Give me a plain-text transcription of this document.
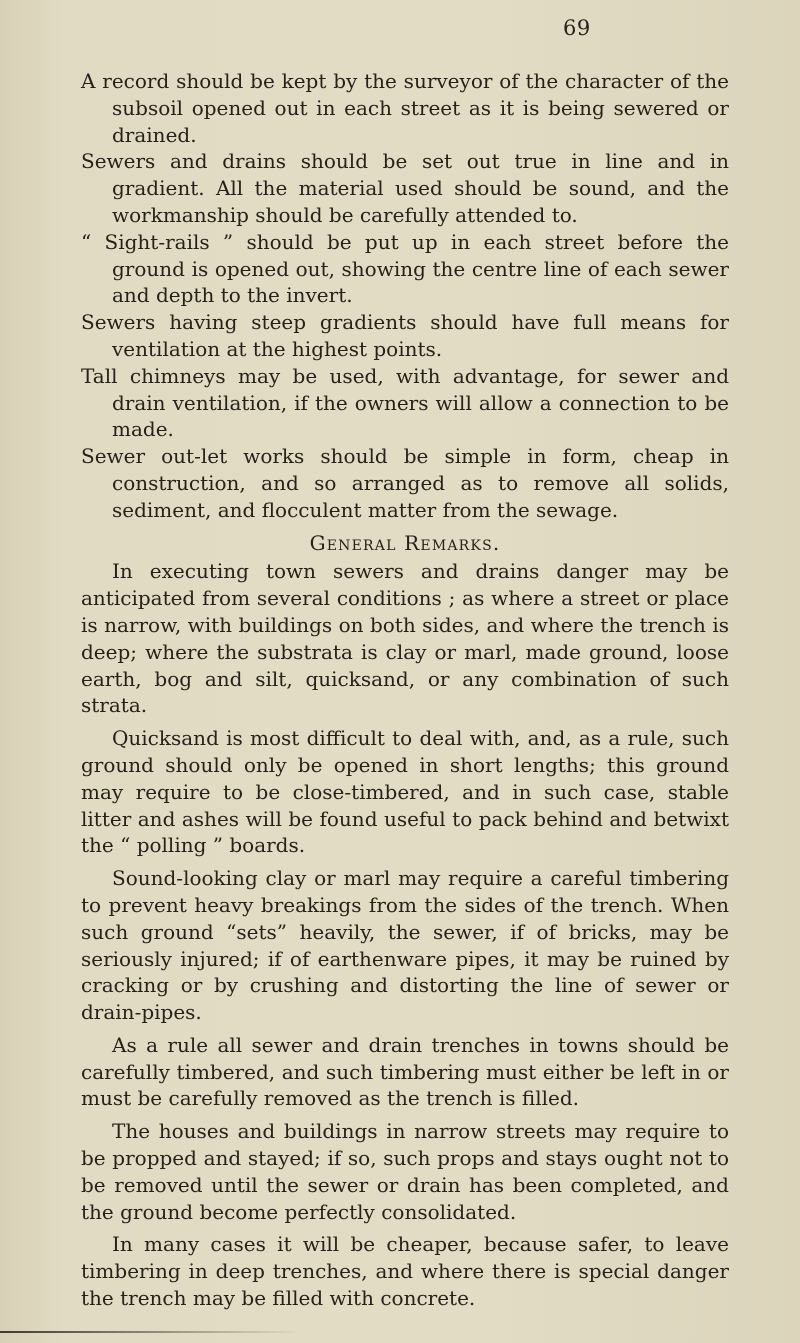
69

A record should be kept by the surveyor of the character of the subsoil opened out in each street as it is being sewered or drained.

Sewers and drains should be set out true in line and in gradient. All the material used should be sound, and the workmanship should be carefully attended to.

“ Sight-rails ” should be put up in each street before the ground is opened out, showing the centre line of each sewer and depth to the invert.

Sewers having steep gradients should have full means for ventilation at the highest points.

Tall chimneys may be used, with advantage, for sewer and drain ventilation, if the owners will allow a connection to be made.

Sewer out-let works should be simple in form, cheap in construction, and so arranged as to remove all solids, sediment, and flocculent matter from the sewage.

General Remarks.

In executing town sewers and drains danger may be anticipated from several conditions ; as where a street or place is narrow, with buildings on both sides, and where the trench is deep; where the substrata is clay or marl, made ground, loose earth, bog and silt, quicksand, or any combination of such strata.

Quicksand is most difficult to deal with, and, as a rule, such ground should only be opened in short lengths; this ground may require to be close-timbered, and in such case, stable litter and ashes will be found useful to pack behind and betwixt the “ polling ” boards.

Sound-looking clay or marl may require a careful timbering to prevent heavy breakings from the sides of the trench. When such ground “sets” heavily, the sewer, if of bricks, may be seriously injured; if of earthenware pipes, it may be ruined by cracking or by crushing and distorting the line of sewer or drain-pipes.

As a rule all sewer and drain trenches in towns should be carefully timbered, and such timbering must either be left in or must be carefully removed as the trench is filled.

The houses and buildings in narrow streets may require to be propped and stayed; if so, such props and stays ought not to be removed until the sewer or drain has been completed, and the ground become perfectly consolidated.

In many cases it will be cheaper, because safer, to leave timbering in deep trenches, and where there is special danger the trench may be filled with concrete.
